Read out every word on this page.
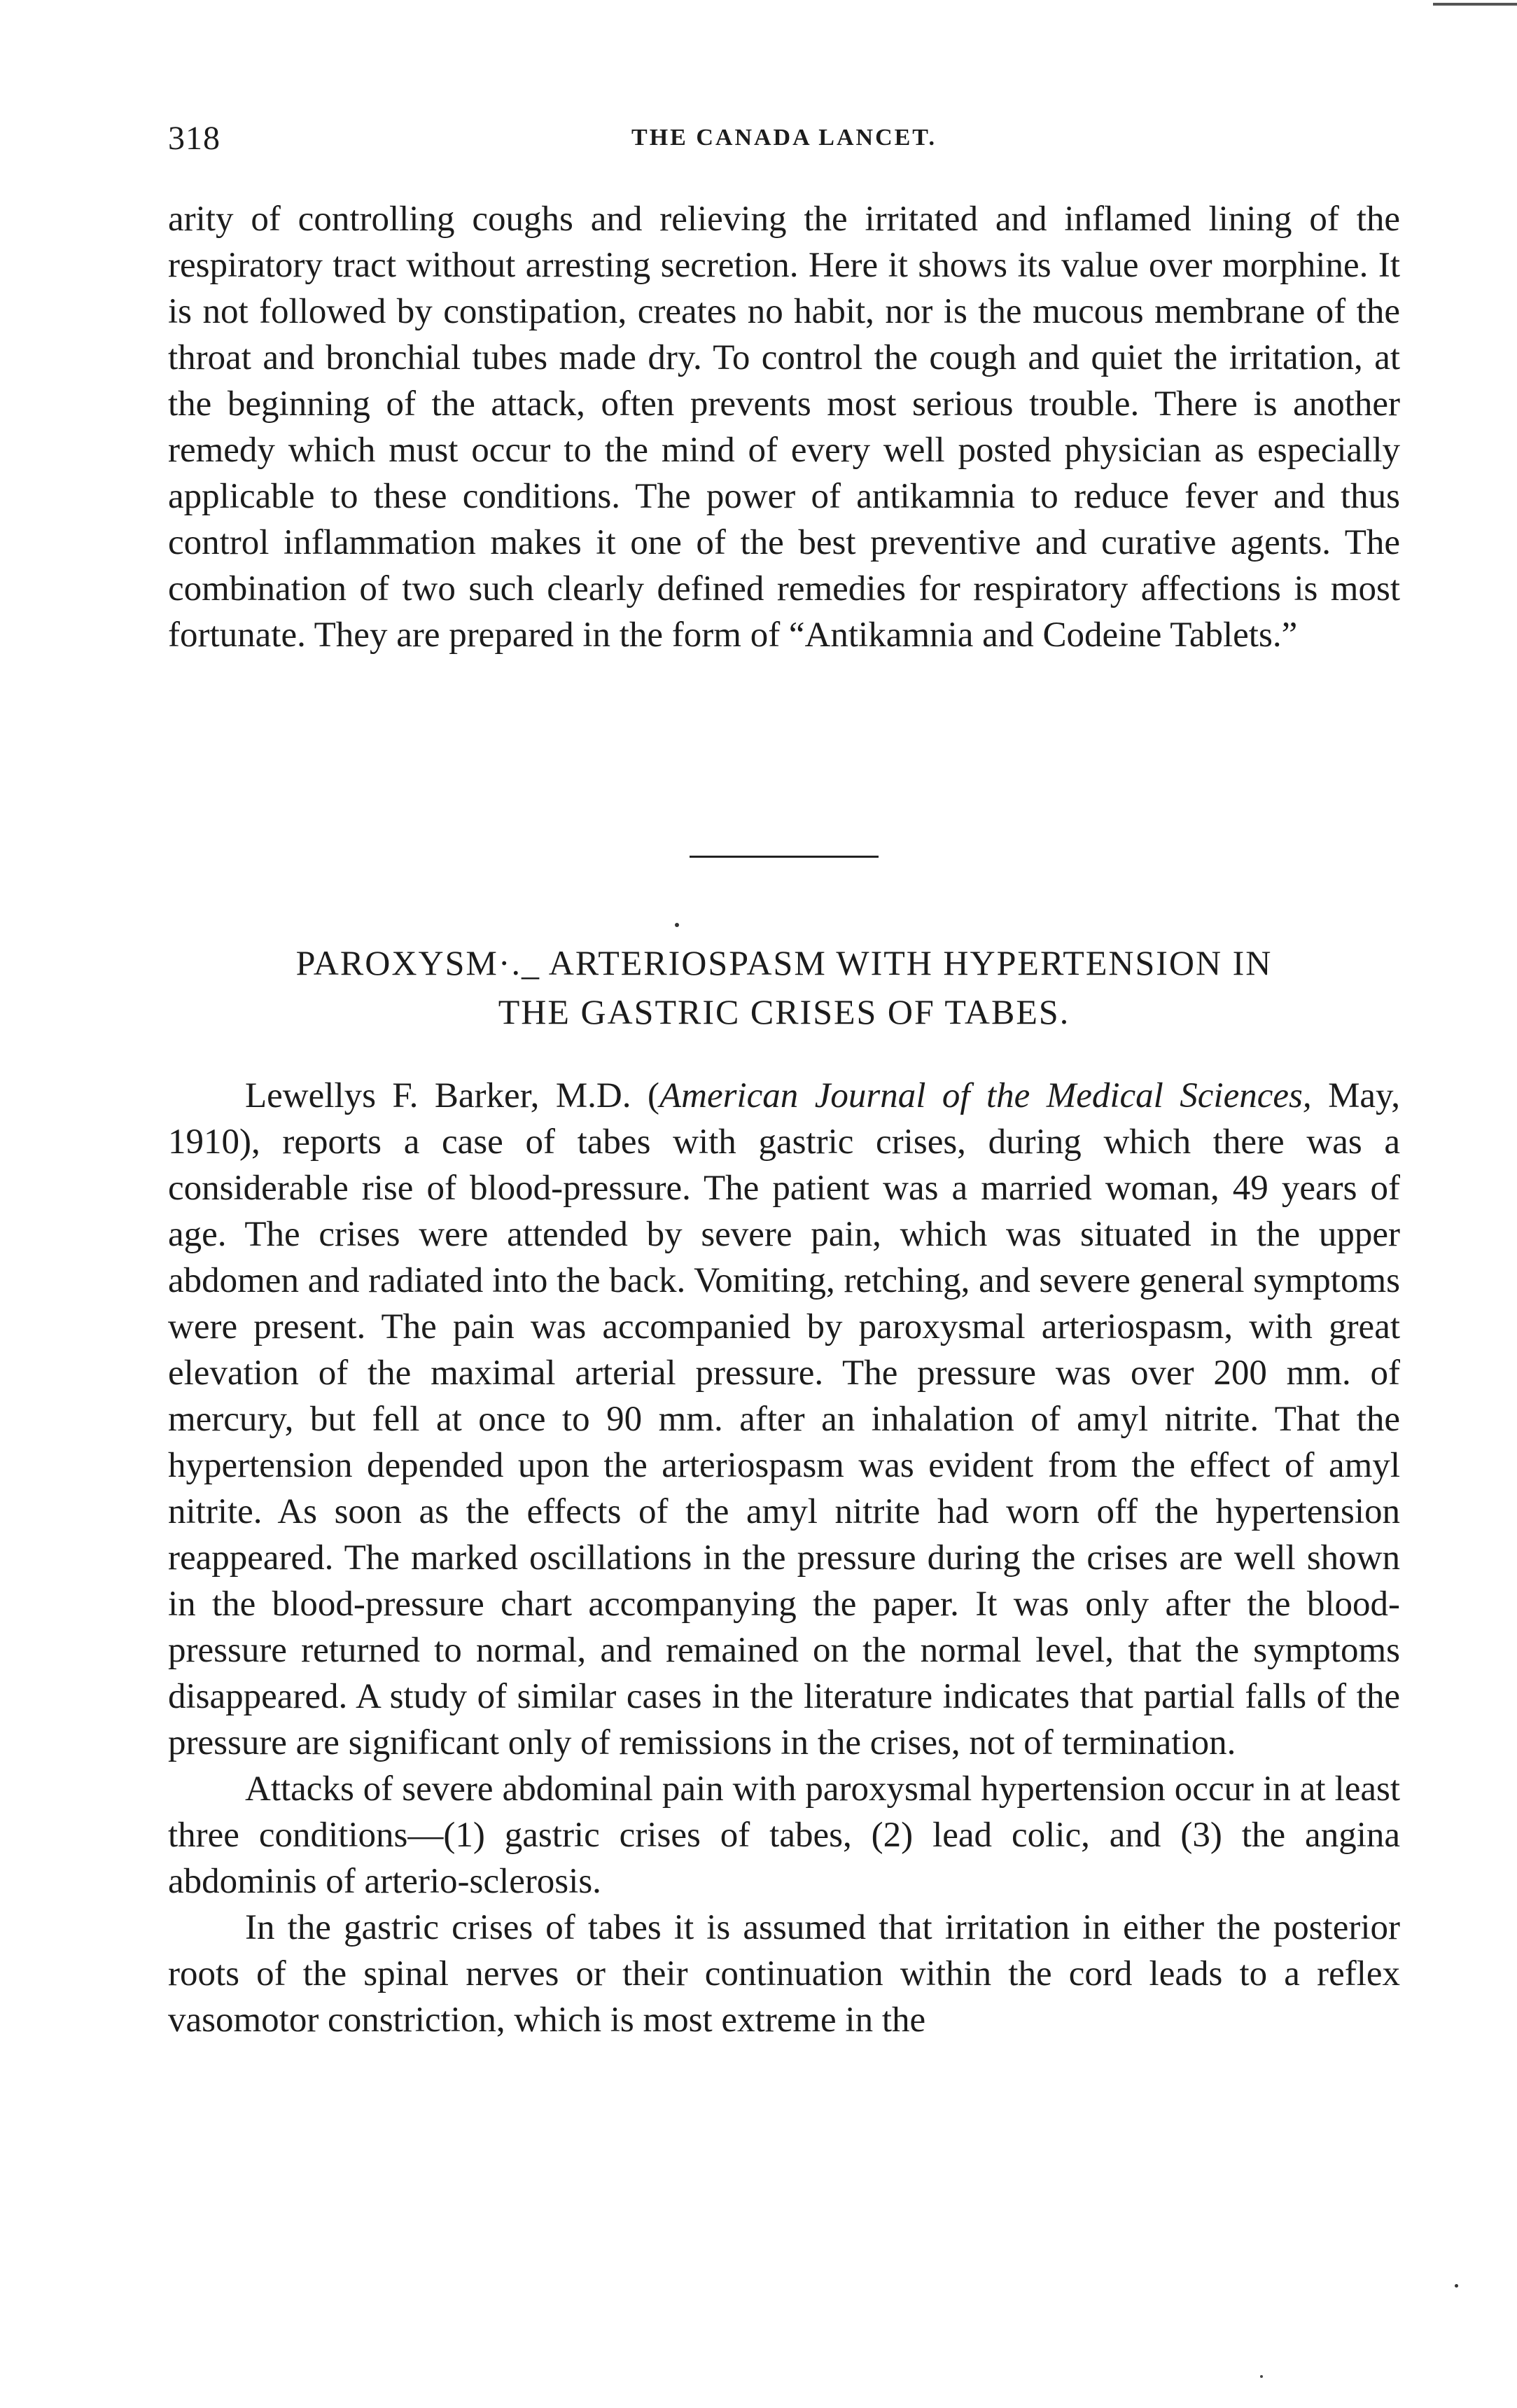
318	THE CANADA LANCET.

arity of controlling coughs and relieving the irritated and inflamed lining of the respiratory tract without arresting secretion. Here it shows its value over morphine. It is not followed by constipation, creates no habit, nor is the mucous membrane of the throat and bronchial tubes made dry. To control the cough and quiet the irritation, at the beginning of the attack, often prevents most serious trouble. There is another remedy which must occur to the mind of every well posted physician as especially applicable to these conditions. The power of antikamnia to reduce fever and thus control inflammation makes it one of the best preventive and curative agents. The combination of two such clearly defined remedies for respiratory affections is most fortunate. They are prepared in the form of “Antikamnia and Codeine Tablets.”

PAROXYSM·._ ARTERIOSPASM WITH HYPERTENSION IN
THE GASTRIC CRISES OF TABES.

Lewellys F. Barker, M.D. (American Journal of the Medical Sciences, May, 1910), reports a case of tabes with gastric crises, during which there was a considerable rise of blood-pressure. The patient was a married woman, 49 years of age. The crises were attended by severe pain, which was situated in the upper abdomen and radiated into the back. Vomiting, retching, and severe general symptoms were present. The pain was accompanied by paroxysmal arteriospasm, with great elevation of the maximal arterial pressure. The pressure was over 200 mm. of mercury, but fell at once to 90 mm. after an inhalation of amyl nitrite. That the hypertension depended upon the arteriospasm was evident from the effect of amyl nitrite. As soon as the effects of the amyl nitrite had worn off the hypertension reappeared. The marked oscillations in the pressure during the crises are well shown in the blood-pressure chart accompanying the paper. It was only after the blood-pressure returned to normal, and remained on the normal level, that the symptoms disappeared. A study of similar cases in the literature indicates that partial falls of the pressure are significant only of remissions in the crises, not of termination.

Attacks of severe abdominal pain with paroxysmal hypertension occur in at least three conditions—(1) gastric crises of tabes, (2) lead colic, and (3) the angina abdominis of arterio-sclerosis.

In the gastric crises of tabes it is assumed that irritation in either the posterior roots of the spinal nerves or their continuation within the cord leads to a reflex vasomotor constriction, which is most extreme in the
